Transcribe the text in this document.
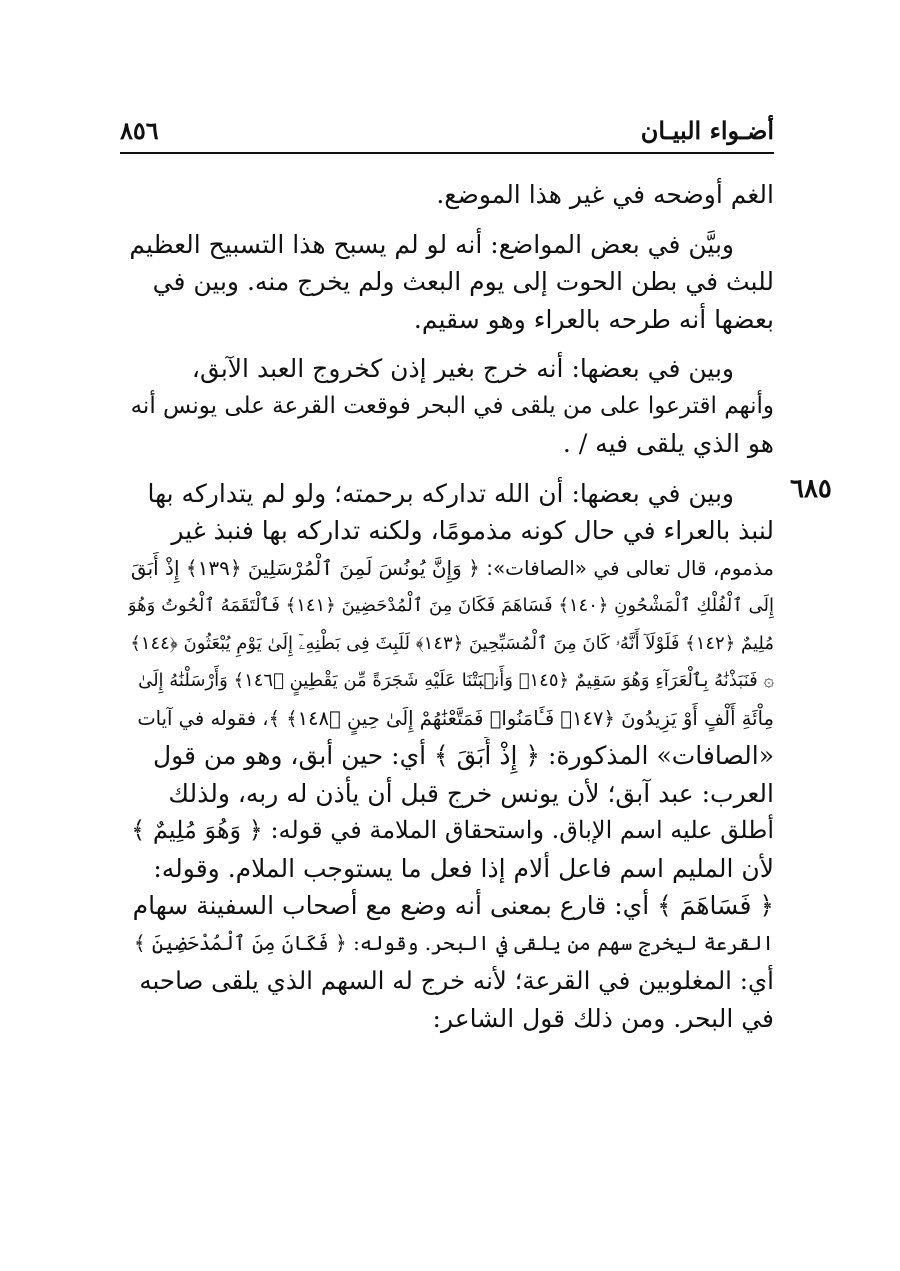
أضـواء البيـان
٨٥٦
٦٨٥
الغم أوضحه في غير هذا الموضع.
وبيَّن في بعض المواضع: أنه لو لم يسبح هذا التسبيح العظيم
للبث في بطن الحوت إلى يوم البعث ولم يخرج منه. وبين في
بعضها أنه طرحه بالعراء وهو سقيم.
وبين في بعضها: أنه خرج بغير إذن كخروج العبد الآبق،
وأنهم اقترعوا على من يلقى في البحر فوقعت القرعة على يونس أنه
هو الذي يلقى فيه / .
وبين في بعضها: أن الله تداركه برحمته؛ ولو لم يتداركه بها
لنبذ بالعراء في حال كونه مذمومًا، ولكنه تداركه بها فنبذ غير
مذموم، قال تعالى في «الصافات»: ﴿ وَإِنَّ يُونُسَ لَمِنَ ٱلْمُرْسَلِينَ ﴿١٣٩﴾ إِذْ أَبَقَ
إِلَى ٱلْفُلْكِ ٱلْمَشْحُونِ ﴿١٤٠﴾ فَسَاهَمَ فَكَانَ مِنَ ٱلْمُدْحَضِينَ ﴿١٤١﴾ فَٱلْتَقَمَهُ ٱلْحُوتُ وَهُوَ
مُلِيمٌ ﴿١٤٢﴾ فَلَوْلَآ أَنَّهُۥ كَانَ مِنَ ٱلْمُسَبِّحِينَ ﴿١٤٣﴾ لَلَبِثَ فِى بَطْنِهِۦٓ إِلَىٰ يَوْمِ يُبْعَثُونَ ﴿١٤٤﴾
۞ فَنَبَذْنَٰهُ بِٱلْعَرَآءِ وَهُوَ سَقِيمٌ ﴿١٤٥﴾ وَأَنۢبَتْنَا عَلَيْهِ شَجَرَةً مِّن يَقْطِينٍ ﴿١٤٦﴾ وَأَرْسَلْنَٰهُ إِلَىٰ
مِاْئَةِ أَلْفٍ أَوْ يَزِيدُونَ ﴿١٤٧﴾ فَـَٔامَنُوا۟ فَمَتَّعْنَٰهُمْ إِلَىٰ حِينٍ ﴿١٤٨﴾ ﴾، فقوله في آيات
«الصافات» المذكورة: ﴿ إِذْ أَبَقَ ﴾ أي: حين أبق، وهو من قول
العرب: عبد آبق؛ لأن يونس خرج قبل أن يأذن له ربه، ولذلك
أطلق عليه اسم الإباق. واستحقاق الملامة في قوله: ﴿ وَهُوَ مُلِيمٌ ﴾
لأن المليم اسم فاعل ألام إذا فعل ما يستوجب الملام. وقوله:
﴿ فَسَاهَمَ ﴾ أي: قارع بمعنى أنه وضع مع أصحاب السفينة سهام
القرعة ليخرج سهم من يلقى في البحر. وقوله: ﴿ فَكَانَ مِنَ ٱلْمُدْحَضِينَ ﴾
أي: المغلوبين في القرعة؛ لأنه خرج له السهم الذي يلقى صاحبه
في البحر. ومن ذلك قول الشاعر:
